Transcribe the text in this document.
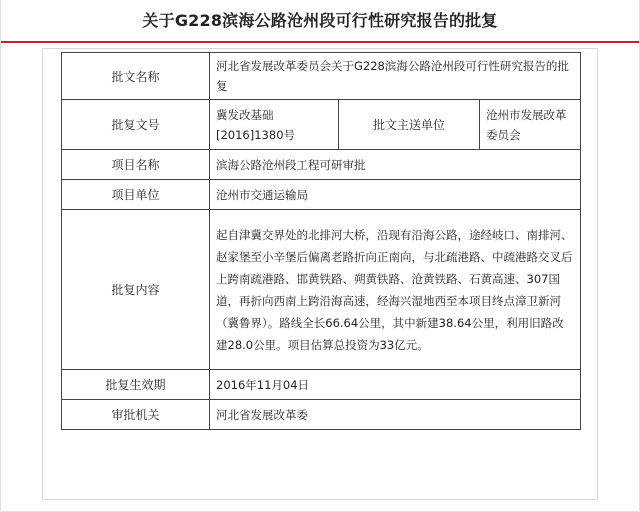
关于G228滨海公路沧州段可行性研究报告的批复
批文名称	河北省发展改革委员会关于G228滨海公路沧州段可行性研究报告的批复		
批复文号	冀发改基础[2016]1380号	批文主送单位	沧州市发展改革委员会
项目名称	滨海公路沧州段工程可研审批		
项目单位	沧州市交通运输局		
批复内容	起自津冀交界处的北排河大桥，沿现有沿海公路，途经岐口、南排河、赵家堡至小辛堡后偏离老路折向正南向，与北疏港路、中疏港路交叉后上跨南疏港路、邯黄铁路、朔黄铁路、沧黄铁路、石黄高速、307国道，再折向西南上跨沿海高速，经海兴湿地西至本项目终点漳卫新河（冀鲁界）。路线全长66.64公里，其中新建38.64公里，利用旧路改建28.0公里。项目估算总投资为33亿元。		
批复生效期	2016年11月04日		
审批机关	河北省发展改革委		
